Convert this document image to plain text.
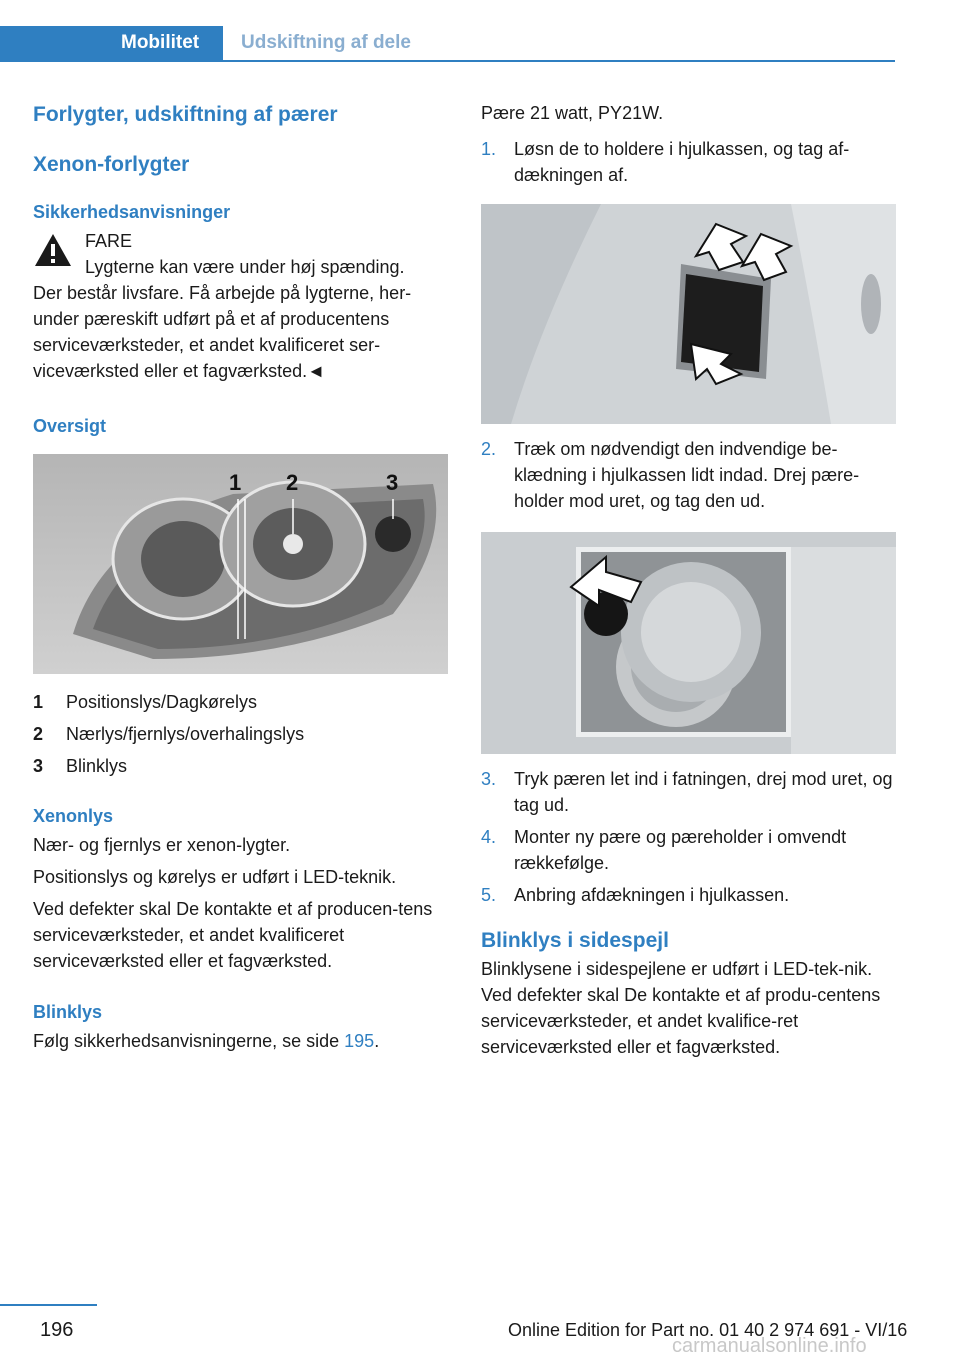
Mobilitet	Udskiftning af dele
Forlygter, udskiftning af pærer
Xenon-forlygter
Sikkerhedsanvisninger
FARE
Lygterne kan være under høj spænding.
Der består livsfare. Få arbejde på lygterne, her-under pæreskift udført på et af producentens serviceværksteder, et andet kvalificeret ser-viceværksted eller et fagværksted.◄
Oversigt
1 2	3
1	Positionslys/Dagkørelys
2	Nærlys/fjernlys/overhalingslys
3	Blinklys
Xenonlys
Nær- og fjernlys er xenon-lygter.
Positionslys og kørelys er udført i LED-teknik.
Ved defekter skal De kontakte et af producen-tens serviceværksteder, et andet kvalificeret serviceværksted eller et fagværksted.
Blinklys
Følg sikkerhedsanvisningerne, se side 195.
Pære 21 watt, PY21W.
1. Løsn de to holdere i hjulkassen, og tag af-dækningen af.
2. Træk om nødvendigt den indvendige be-klædning i hjulkassen lidt indad. Drej pære-holder mod uret, og tag den ud.
3. Tryk pæren let ind i fatningen, drej mod uret, og tag ud.
4. Monter ny pære og pæreholder i omvendt rækkefølge.
5. Anbring afdækningen i hjulkassen.
Blinklys i sidespejl
Blinklysene i sidespejlene er udført i LED-tek-nik. Ved defekter skal De kontakte et af produ-centens serviceværksteder, et andet kvalifice-ret serviceværksted eller et fagværksted.
196	Online Edition for Part no. 01 40 2 974 691 - VI/16
carmanualsonline.info
